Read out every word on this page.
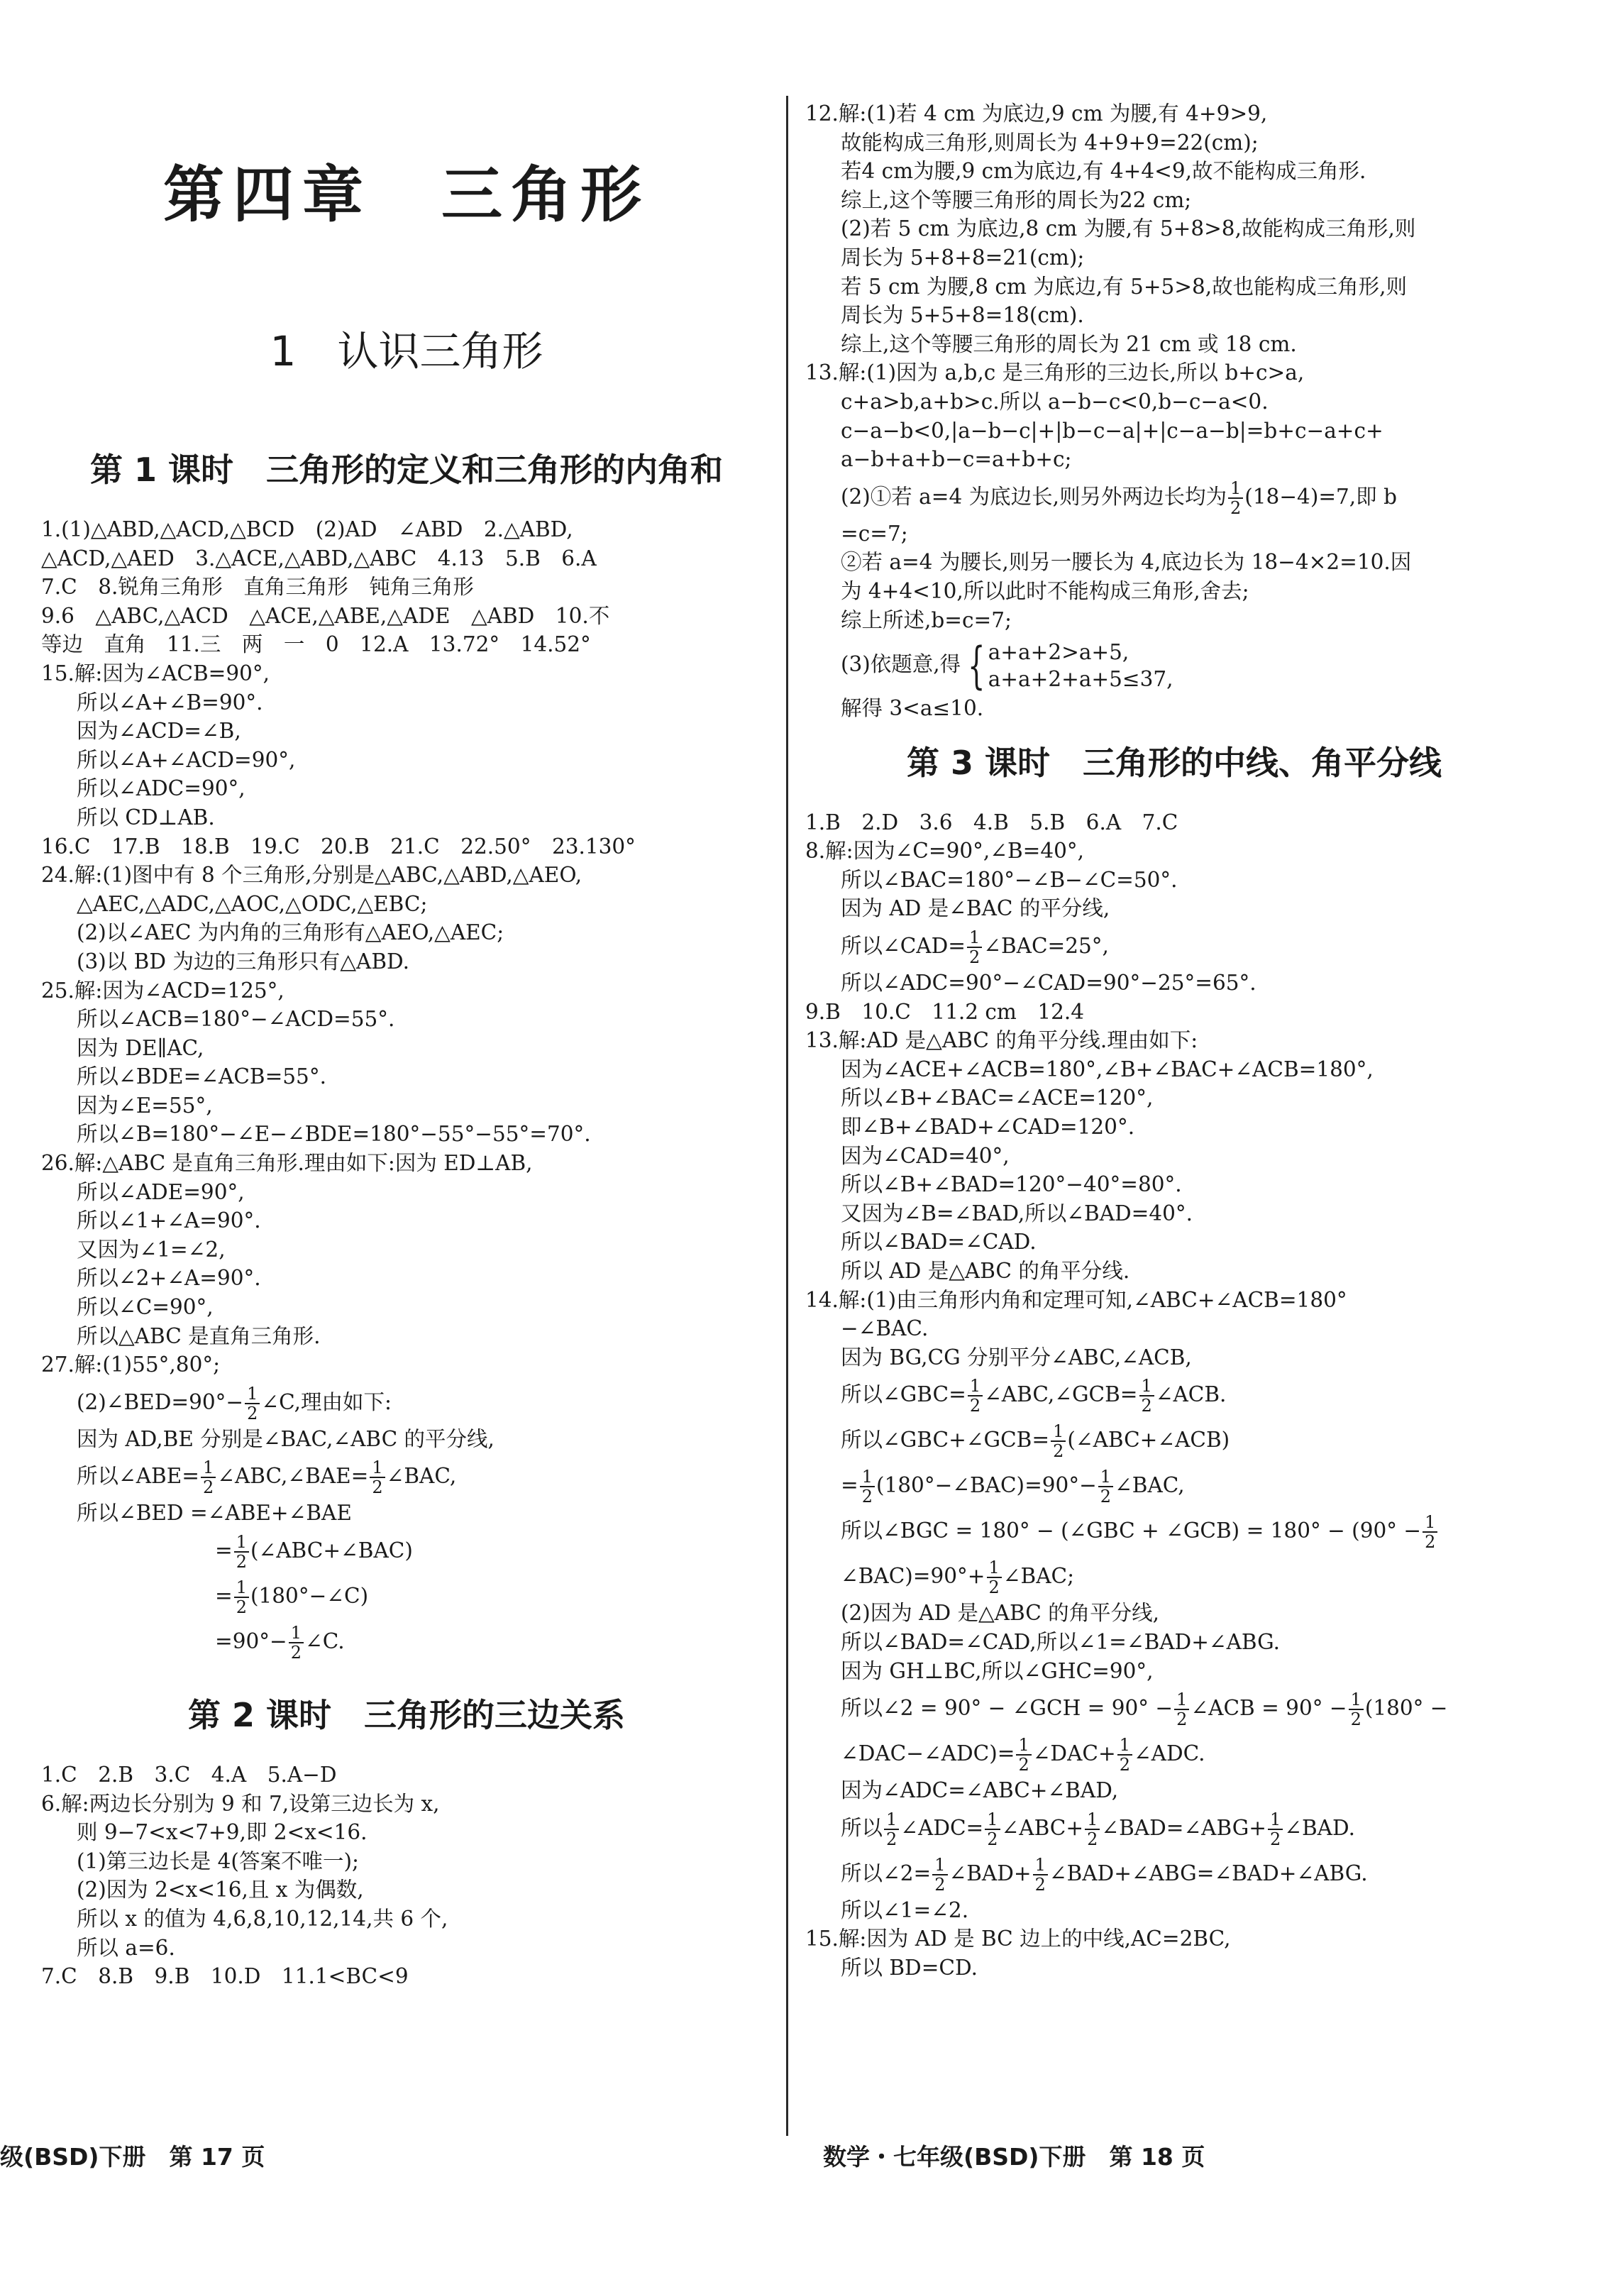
第四章　三角形
1　认识三角形
第 1 课时　三角形的定义和三角形的内角和
1.(1)△ABD,△ACD,△BCD　(2)AD　∠ABD　2.△ABD,
△ACD,△AED　3.△ACE,△ABD,△ABC　4.13　5.B　6.A
7.C　8.锐角三角形　直角三角形　钝角三角形
9.6　△ABC,△ACD　△ACE,△ABE,△ADE　△ABD　10.不
等边　直角　11.三　两　一　0　12.A　13.72°　14.52°
15.解:因为∠ACB=90°,
所以∠A+∠B=90°.
因为∠ACD=∠B,
所以∠A+∠ACD=90°,
所以∠ADC=90°,
所以 CD⊥AB.
16.C　17.B　18.B　19.C　20.B　21.C　22.50°　23.130°
24.解:(1)图中有 8 个三角形,分别是△ABC,△ABD,△AEO,
△AEC,△ADC,△AOC,△ODC,△EBC;
(2)以∠AEC 为内角的三角形有△AEO,△AEC;
(3)以 BD 为边的三角形只有△ABD.
25.解:因为∠ACD=125°,
所以∠ACB=180°−∠ACD=55°.
因为 DE∥AC,
所以∠BDE=∠ACB=55°.
因为∠E=55°,
所以∠B=180°−∠E−∠BDE=180°−55°−55°=70°.
26.解:△ABC 是直角三角形.理由如下:因为 ED⊥AB,
所以∠ADE=90°,
所以∠1+∠A=90°.
又因为∠1=∠2,
所以∠2+∠A=90°.
所以∠C=90°,
所以△ABC 是直角三角形.
27.解:(1)55°,80°;
(2)∠BED=90°− $\frac{1}{2}$ ∠C,理由如下:
因为 AD,BE 分别是∠BAC,∠ABC 的平分线,
所以∠ABE= $\frac{1}{2}$ ∠ABC,∠BAE= $\frac{1}{2}$ ∠BAC,
所以∠BED =∠ABE+∠BAE
= $\frac{1}{2}$ (∠ABC+∠BAC)
= $\frac{1}{2}$ (180°−∠C)
$=90^\circ- \frac{1}{2}$ ∠C.
第 2 课时　三角形的三边关系
1.C　2.B　3.C　4.A　5.A−D
6.解:两边长分别为 9 和 7,设第三边长为 x,
则 9−7<x<7+9,即 2<x<16.
(1)第三边长是 4(答案不唯一);
(2)因为 2<x<16,且 x 为偶数,
所以 x 的值为 4,6,8,10,12,14,共 6 个,
所以 a=6.
7.C　8.B　9.B　10.D　11.1<BC<9
12.解:(1)若 4 cm 为底边,9 cm 为腰,有 4+9>9,
故能构成三角形,则周长为 4+9+9=22(cm);
若4 cm为腰,9 cm为底边,有 4+4<9,故不能构成三角形.
综上,这个等腰三角形的周长为22 cm;
(2)若 5 cm 为底边,8 cm 为腰,有 5+8>8,故能构成三角形,则
周长为 5+8+8=21(cm);
若 5 cm 为腰,8 cm 为底边,有 5+5>8,故也能构成三角形,则
周长为 5+5+8=18(cm).
综上,这个等腰三角形的周长为 21 cm 或 18 cm.
13.解:(1)因为 a,b,c 是三角形的三边长,所以 b+c>a,
c+a>b,a+b>c.所以 a−b−c<0,b−c−a<0.
c−a−b<0,|a−b−c|+|b−c−a|+|c−a−b|=b+c−a+c+
a−b+a+b−c=a+b+c;
(2)①若 a=4 为底边长,则另外两边长均为 $\frac{1}{2} (18-4)=7$,即 b
=c=7;
②若 a=4 为腰长,则另一腰长为 4,底边长为 18−4×2=10.因
为 4+4<10,所以此时不能构成三角形,舍去;
综上所述,b=c=7;
(3)依题意,得 { a+a+2>a+5,
a+a+2+a+5≤37,
解得 3<a≤10.
第 3 课时　三角形的中线、角平分线
1.B　2.D　3.6　4.B　5.B　6.A　7.C
8.解:因为∠C=90°,∠B=40°,
所以∠BAC=180°−∠B−∠C=50°.
因为 AD 是∠BAC 的平分线,
所以∠CAD= $\frac{1}{2}$ ∠BAC=25°,
所以∠ADC=90°−∠CAD=90°−25°=65°.
9.B　10.C　11.2 cm　12.4
13.解:AD 是△ABC 的角平分线.理由如下:
因为∠ACE+∠ACB=180°,∠B+∠BAC+∠ACB=180°,
所以∠B+∠BAC=∠ACE=120°,
即∠B+∠BAD+∠CAD=120°.
因为∠CAD=40°,
所以∠B+∠BAD=120°−40°=80°.
又因为∠B=∠BAD,所以∠BAD=40°.
所以∠BAD=∠CAD.
所以 AD 是△ABC 的角平分线.
14.解:(1)由三角形内角和定理可知,∠ABC+∠ACB=180°
−∠BAC.
因为 BG,CG 分别平分∠ABC,∠ACB,
所以∠GBC= $\frac{1}{2}$ ∠ABC,∠GCB= $\frac{1}{2}$ ∠ACB.
所以∠GBC+∠GCB= $\frac{1}{2}$ (∠ABC+∠ACB)
= $\frac{1}{2}$ (180°−∠BAC)=90°− $\frac{1}{2}$ ∠BAC,
所以∠BGC = 180° − (∠GBC + ∠GCB) = $180^\circ - (90^\circ - \frac{1}{2}$
∠BAC)=90°+ $\frac{1}{2}$ ∠BAC;
(2)因为 AD 是△ABC 的角平分线,
所以∠BAD=∠CAD,所以∠1=∠BAD+∠ABG.
因为 GH⊥BC,所以∠GHC=90°,
所以∠2 = 90° − ∠GCH = $90^\circ - \frac{1}{2}$ ∠ACB = $90^\circ - \frac{1}{2} (180^\circ$ −
∠DAC−∠ADC)= $\frac{1}{2}$ ∠DAC+ $\frac{1}{2}$ ∠ADC.
因为∠ADC=∠ABC+∠BAD,
所以 $\frac{1}{2}$ ∠ADC= $\frac{1}{2}$ ∠ABC+ $\frac{1}{2}$ ∠BAD=∠ABG+ $\frac{1}{2}$ ∠BAD.
所以∠2= $\frac{1}{2}$ ∠BAD+ $\frac{1}{2}$ ∠BAD+∠ABG=∠BAD+∠ABG.
所以∠1=∠2.
15.解:因为 AD 是 BC 边上的中线,AC=2BC,
所以 BD=CD.
级(BSD)下册　第 17 页	数学・七年级(BSD)下册　第 18 页
